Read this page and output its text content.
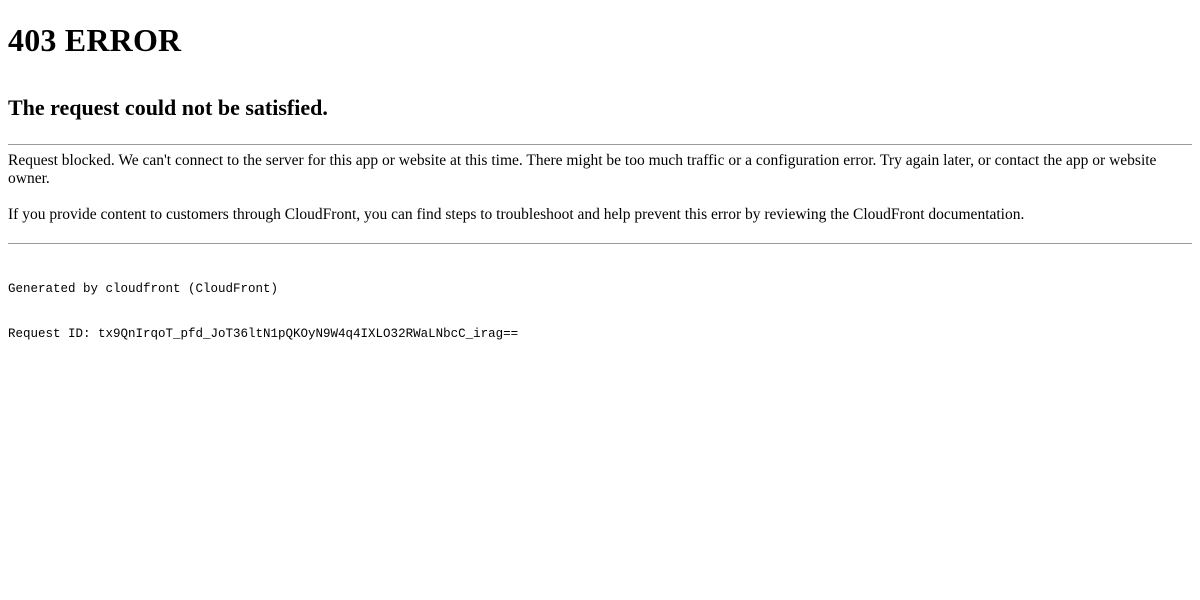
403 ERROR
The request could not be satisfied.

Request blocked. We can't connect to the server for this app or website at this time. There might be too much traffic or a configuration error. Try again later, or contact the app or website owner.

If you provide content to customers through CloudFront, you can find steps to troubleshoot and help prevent this error by reviewing the CloudFront documentation.

Generated by cloudfront (CloudFront)

Request ID: tx9QnIrqoT_pfd_JoT36ltN1pQKOyN9W4q4IXLO32RWaLNbcC_irag==
